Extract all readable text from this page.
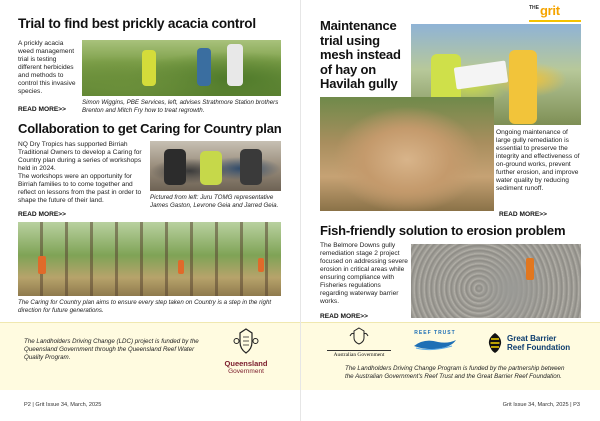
Trial to find best prickly acacia control
A prickly acacia weed management trial is testing different herbicides and methods to control this invasive species.
READ MORE>>
Simon Wiggins, PBE Services, left, advises Strathmore Station brothers Brenton and Mitch Fry how to treat regrowth.
Collaboration to get Caring for Country plan
NQ Dry Tropics has supported Birriah Traditional Owners to develop a Caring for Country plan during a series of workshops held in 2024.
The workshops were an opportunity for Birriah families to to come together and reflect on lessons from the past in order to shape the future of their land.
READ MORE>>
Pictured from left: Juru TOMG representative James Gaston, Levrone Geia and Jarred Geia.
The Caring for Country plan aims to ensure every step taken on Country is a step in the right direction for future generations.
The Landholders Driving Change (LDC) project is funded by the Queensland Government through the Queensland Reef Water Quality Program.
Queensland
Government
P2 | Grit Issue 34, March, 2025
$^{THE}$grit
Maintenance trial using mesh instead of hay on Havilah gully
Ongoing maintenance of large gully remediation is essential to preserve the integrity and effectiveness of on-ground works, prevent further erosion, and improve water quality by reducing sediment runoff.
READ MORE>>
Fish-friendly solution to erosion problem
The Belmore Downs gully remediation stage 2 project focused on addressing severe erosion in critical areas while ensuring compliance with Fisheries regulations regarding waterway barrier works.
READ MORE>>
Australian Government
REEF TRUST
Great Barrier
Reef Foundation
The Landholders Driving Change Program is funded by the partnership between the Australian Government's Reef Trust and the Great Barrier Reef Foundation.
Grit Issue 34, March, 2025 | P3
